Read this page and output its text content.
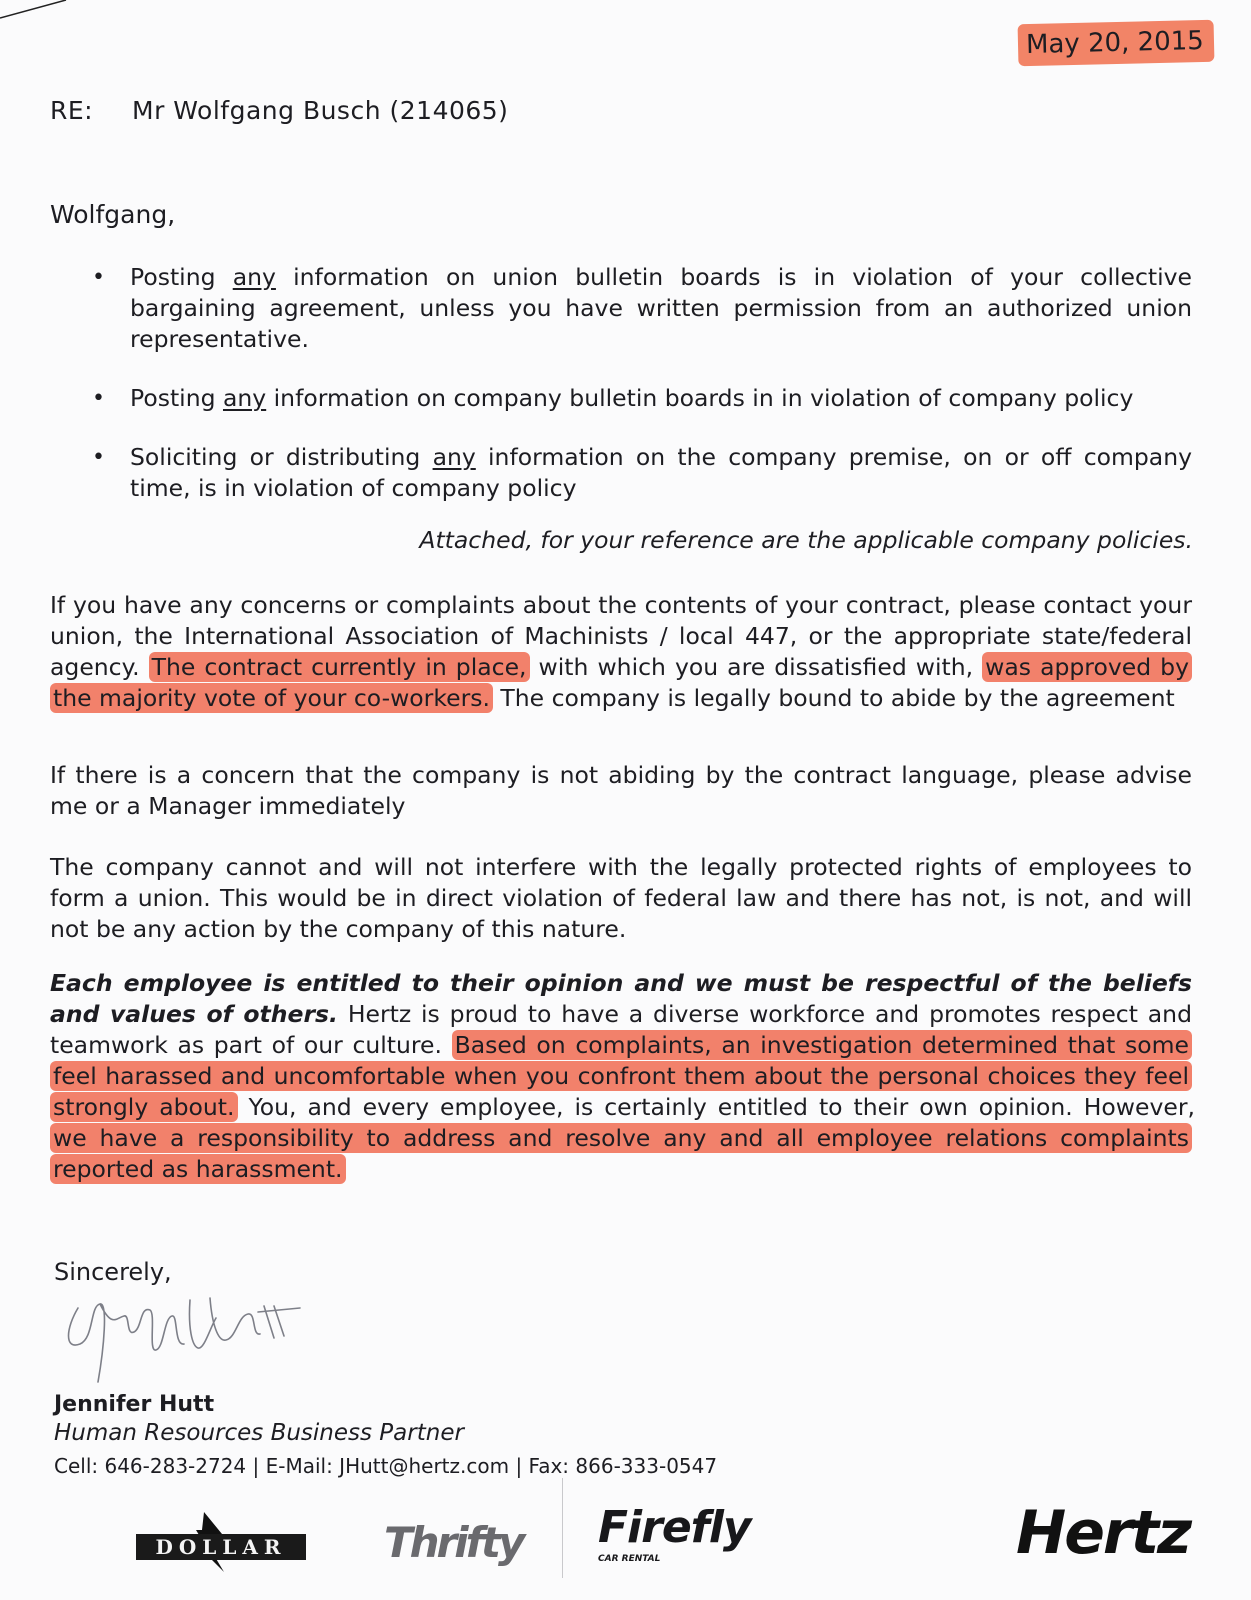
May 20, 2015
RE: Mr Wolfgang Busch (214065)
Wolfgang,
• Posting any information on union bulletin boards is in violation of your collective bargaining agreement, unless you have written permission from an authorized union representative.
• Posting any information on company bulletin boards in in violation of company policy
• Soliciting or distributing any information on the company premise, on or off company time, is in violation of company policy
Attached, for your reference are the applicable company policies.

If you have any concerns or complaints about the contents of your contract, please contact your union, the International Association of Machinists / local 447, or the appropriate state/federal agency. The contract currently in place, with which you are dissatisfied with, was approved by the majority vote of your co-workers. The company is legally bound to abide by the agreement

If there is a concern that the company is not abiding by the contract language, please advise me or a Manager immediately

The company cannot and will not interfere with the legally protected rights of employees to form a union. This would be in direct violation of federal law and there has not, is not, and will not be any action by the company of this nature.

Each employee is entitled to their opinion and we must be respectful of the beliefs and values of others. Hertz is proud to have a diverse workforce and promotes respect and teamwork as part of our culture. Based on complaints, an investigation determined that some feel harassed and uncomfortable when you confront them about the personal choices they feel strongly about. You, and every employee, is certainly entitled to their own opinion. However, we have a responsibility to address and resolve any and all employee relations complaints reported as harassment.

Sincerely,
Jennifer Hutt
Human Resources Business Partner
Cell: 646-283-2724 | E-Mail: JHutt@hertz.com | Fax: 866-333-0547
DOLLAR Thrifty Firefly
CAR RENTAL	Hertz
